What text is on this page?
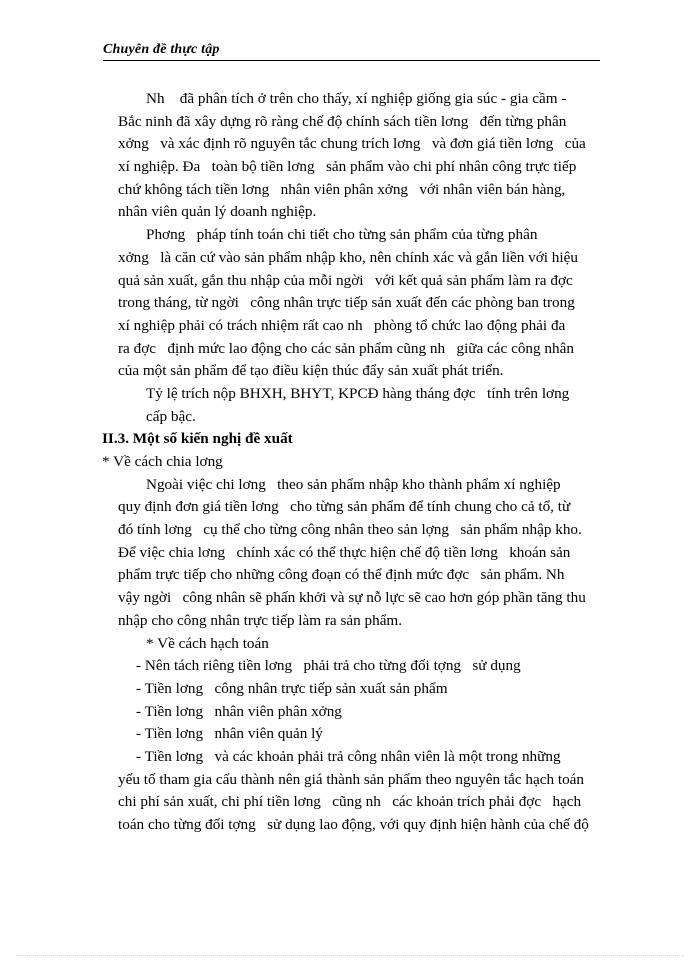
Chuyên đề thực tập
Nh    đã phân tích ở trên cho thấy, xí nghiệp giống gia súc - gia cầm -
Bắc ninh đã xây dựng rõ ràng chế độ chính sách tiền lơng   đến từng phân
xởng   và xác định rõ nguyên tắc chung trích lơng   và đơn giá tiền lơng   của
xí nghiệp. Đa   toàn bộ tiền lơng   sản phẩm vào chi phí nhân công trực tiếp
chứ không tách tiền lơng   nhân viên phân xởng   với nhân viên bán hàng,
nhân viên quản lý doanh nghiệp.
Phơng   pháp tính toán chi tiết cho từng sản phẩm của từng phân
xởng   là căn cứ vào sản phẩm nhập kho, nên chính xác và gắn liền với hiệu
quả sản xuất, gắn thu nhập của mỗi ngời   với kết quả sản phẩm làm ra đợc
trong tháng, từ ngời   công nhân trực tiếp sản xuất đến các phòng ban trong
xí nghiệp phải có trách nhiệm rất cao nh   phòng tổ chức lao động phải đa
ra đợc   định mức lao động cho các sản phẩm cũng nh   giữa các công nhân
của một sản phẩm để tạo điều kiện thúc đẩy sản xuất phát triển.
Tỷ lệ trích nộp BHXH, BHYT, KPCĐ hàng tháng đợc   tính trên lơng
cấp bậc.
II.3. Một số kiến nghị đề xuất
* Về cách chia lơng
Ngoài việc chi lơng   theo sản phẩm nhập kho thành phẩm xí nghiệp
quy định đơn giá tiền lơng   cho từng sản phẩm để tính chung cho cả tổ, từ
đó tính lơng   cụ thể cho từng công nhân theo sản lợng   sản phẩm nhập kho.
Để việc chia lơng   chính xác có thể thực hiện chế độ tiền lơng   khoán sản
phẩm trực tiếp cho những công đoạn có thể định mức đợc   sản phẩm. Nh
vậy ngời   công nhân sẽ phấn khởi và sự nỗ lực sẽ cao hơn góp phần tăng thu
nhập cho công nhân trực tiếp làm ra sản phẩm.
* Về cách hạch toán
- Nên tách riêng tiền lơng   phải trả cho từng đối tợng   sử dụng
- Tiền lơng   công nhân trực tiếp sản xuất sản phẩm
- Tiền lơng   nhân viên phân xởng
- Tiền lơng   nhân viên quản lý
- Tiền lơng   và các khoản phải trả công nhân viên là một trong những
yếu tố tham gia cấu thành nên giá thành sản phẩm theo nguyên tắc hạch toán
chi phí sản xuất, chi phí tiền lơng   cũng nh   các khoản trích phải đợc   hạch
toán cho từng đối tợng   sử dụng lao động, với quy định hiện hành của chế độ
